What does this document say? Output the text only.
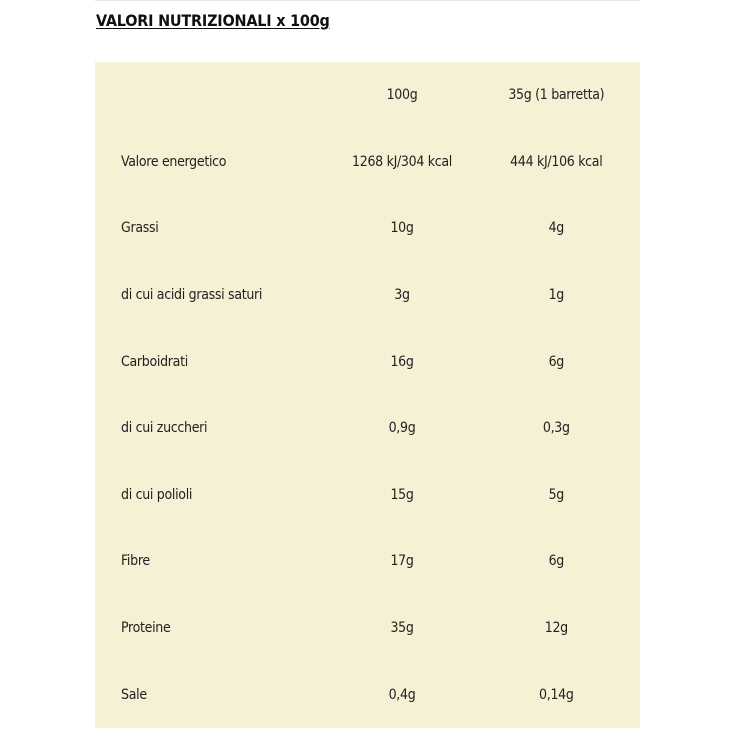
VALORI NUTRIZIONALI x 100g
	100g	35g (1 barretta)
Valore energetico	1268 kJ/304 kcal	444 kJ/106 kcal
Grassi	10g	4g
di cui acidi grassi saturi	3g	1g
Carboidrati	16g	6g
di cui zuccheri	0,9g	0,3g
di cui polioli	15g	5g
Fibre	17g	6g
Proteine	35g	12g
Sale	0,4g	0,14g
